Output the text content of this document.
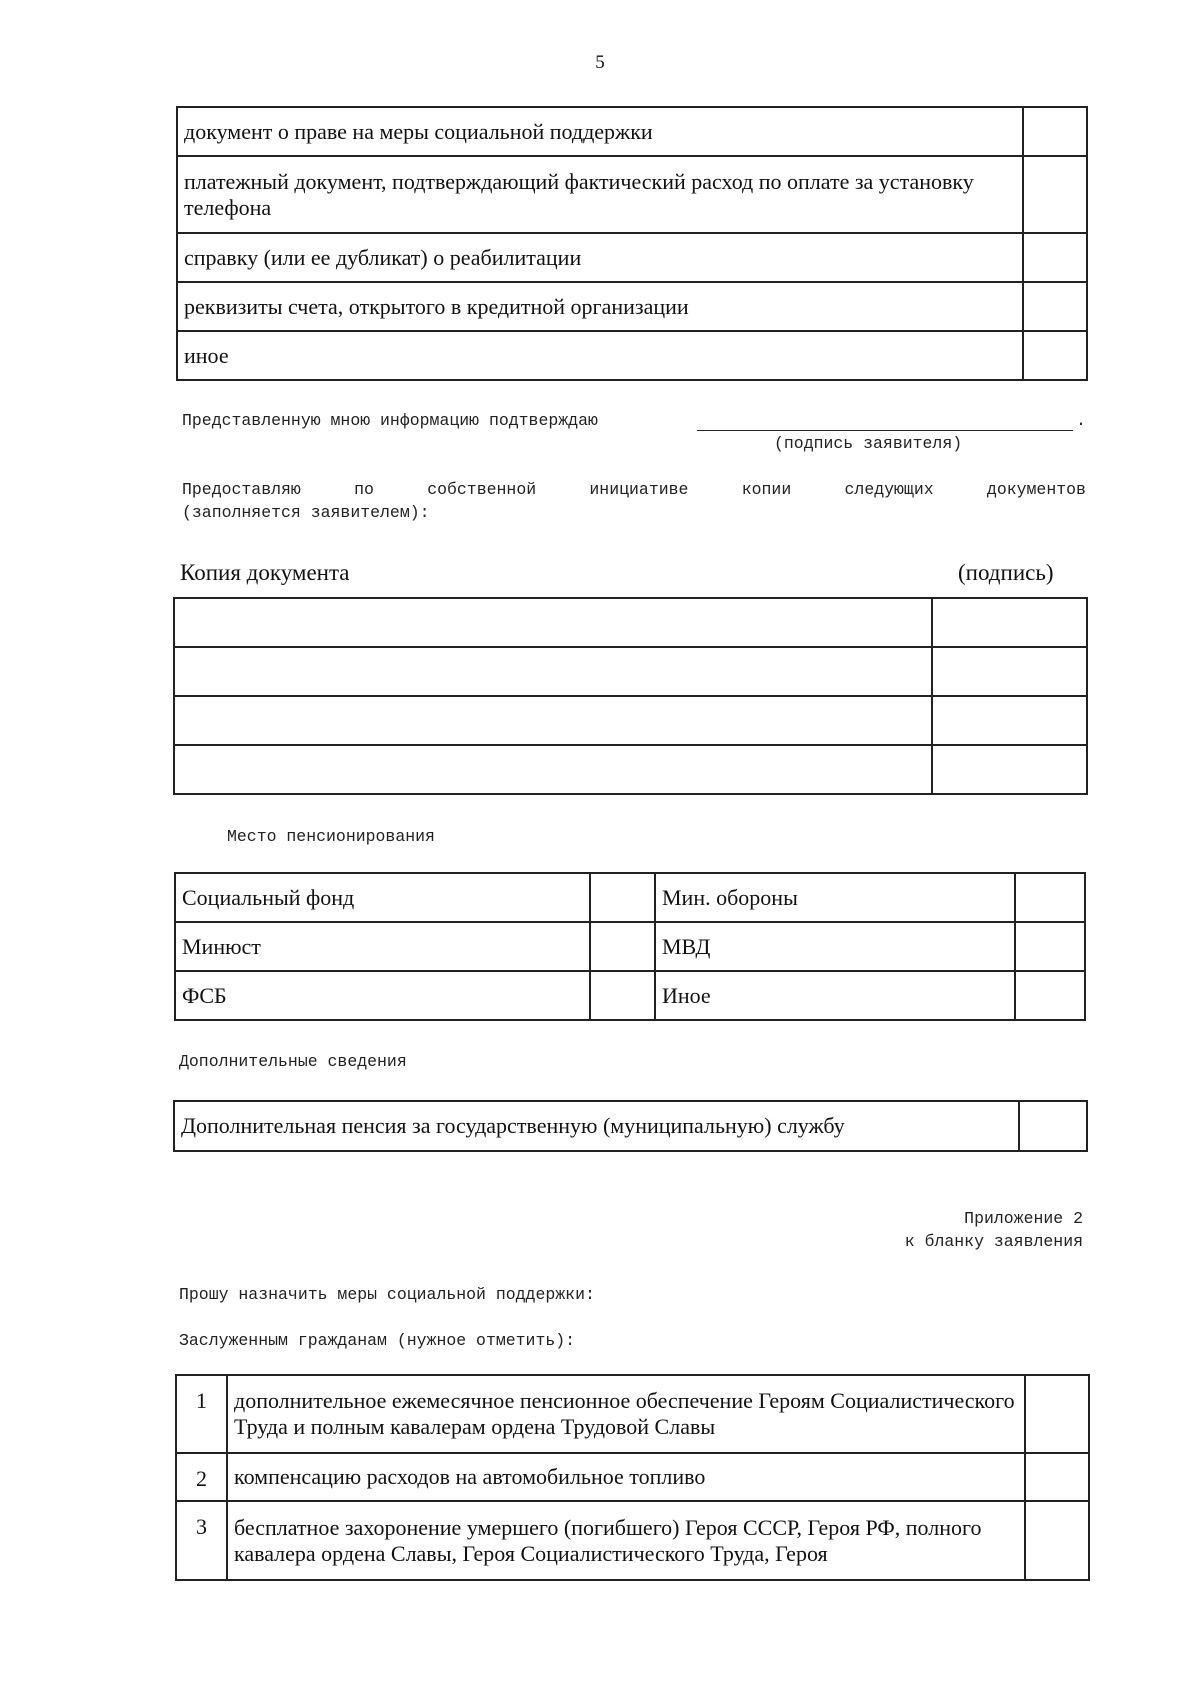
5
документ о праве на меры социальной поддержки	
платежный документ, подтверждающий фактический расход по оплате за установку телефона	
справку (или ее дубликат) о реабилитации	
реквизиты счета, открытого в кредитной организации	
иное	
Представленную мною информацию подтверждаю	.
(подпись заявителя)
Предоставляю	по	собственной	инициативе	копии	следующих	документов
(заполняется заявителем):
Копия документа	(подпись)

Место пенсионирования
Социальный фонд		Мин. обороны	
Минюст		МВД	
ФСБ		Иное	
Дополнительные сведения
Дополнительная пенсия за государственную (муниципальную) службу	
Приложение 2
к бланку заявления
Прошу назначить меры социальной поддержки:
Заслуженным гражданам (нужное отметить):
1	дополнительное ежемесячное пенсионное обеспечение Героям Социалистического Труда и полным кавалерам ордена Трудовой Славы	
2	компенсацию расходов на автомобильное топливо	
3	бесплатное захоронение умершего (погибшего) Героя СССР, Героя РФ, полного кавалера ордена Славы, Героя Социалистического Труда, Героя	
